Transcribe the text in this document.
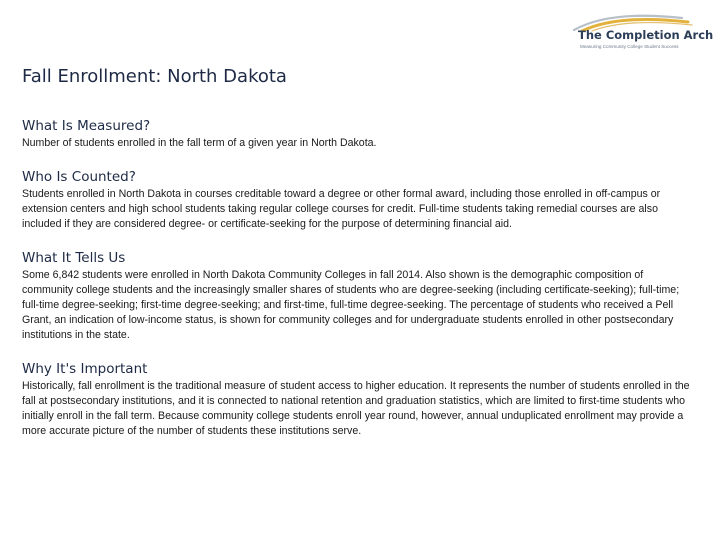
The Completion Arch
Measuring Community College Student Success
Fall Enrollment: North Dakota
What Is Measured?

Number of students enrolled in the fall term of a given year in North Dakota.

Who Is Counted?

Students enrolled in North Dakota in courses creditable toward a degree or other formal award, including those enrolled in off-campus or extension centers and high school students taking regular college courses for credit. Full-time students taking remedial courses are also included if they are considered degree- or certificate-seeking for the purpose of determining financial aid.

What It Tells Us

Some 6,842 students were enrolled in North Dakota Community Colleges in fall 2014. Also shown is the demographic composition of community college students and the increasingly smaller shares of students who are degree-seeking (including certificate-seeking); full-time; full-time degree-seeking; first-time degree-seeking; and first-time, full-time degree-seeking. The percentage of students who received a Pell Grant, an indication of low-income status, is shown for community colleges and for undergraduate students enrolled in other postsecondary institutions in the state.

Why It's Important

Historically, fall enrollment is the traditional measure of student access to higher education. It represents the number of students enrolled in the fall at postsecondary institutions, and it is connected to national retention and graduation statistics, which are limited to first-time students who initially enroll in the fall term. Because community college students enroll year round, however, annual unduplicated enrollment may provide a more accurate picture of the number of students these institutions serve.
